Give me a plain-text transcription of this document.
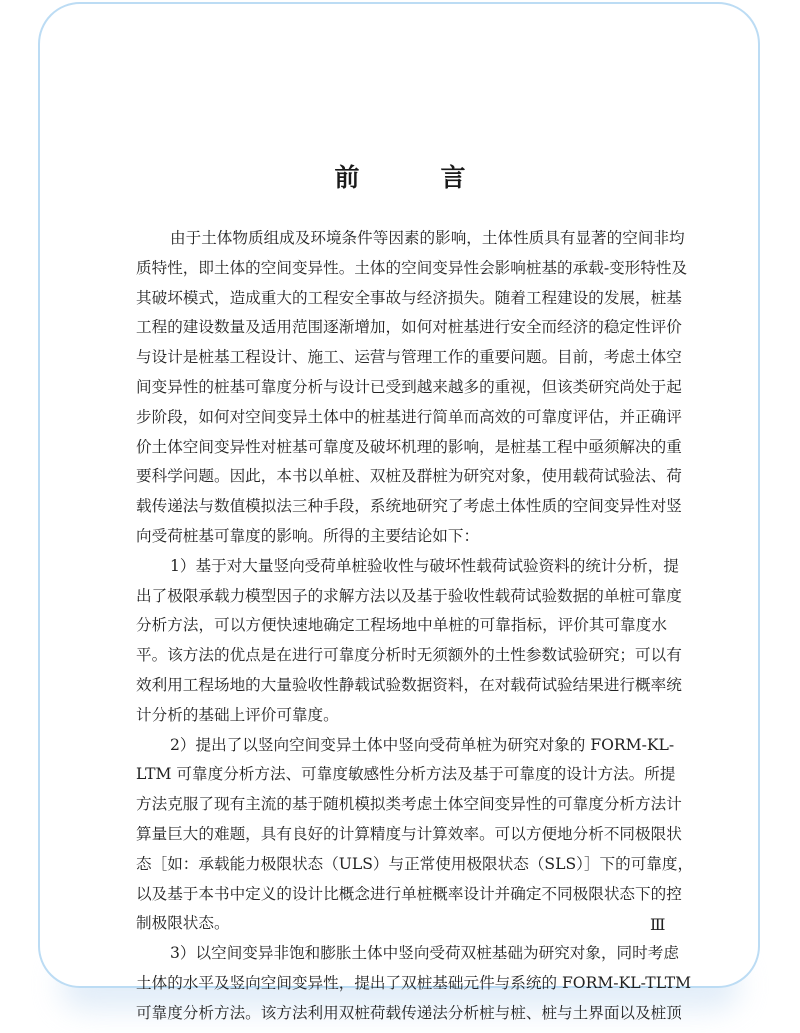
前　言
由于土体物质组成及环境条件等因素的影响，土体性质具有显著的空间非均
质特性，即土体的空间变异性。土体的空间变异性会影响桩基的承载-变形特性及
其破坏模式，造成重大的工程安全事故与经济损失。随着工程建设的发展，桩基
工程的建设数量及适用范围逐渐增加，如何对桩基进行安全而经济的稳定性评价
与设计是桩基工程设计、施工、运营与管理工作的重要问题。目前，考虑土体空
间变异性的桩基可靠度分析与设计已受到越来越多的重视，但该类研究尚处于起
步阶段，如何对空间变异土体中的桩基进行简单而高效的可靠度评估，并正确评
价土体空间变异性对桩基可靠度及破坏机理的影响，是桩基工程中亟须解决的重
要科学问题。因此，本书以单桩、双桩及群桩为研究对象，使用载荷试验法、荷
载传递法与数值模拟法三种手段，系统地研究了考虑土体性质的空间变异性对竖
向受荷桩基可靠度的影响。所得的主要结论如下：
1）基于对大量竖向受荷单桩验收性与破坏性载荷试验资料的统计分析，提
出了极限承载力模型因子的求解方法以及基于验收性载荷试验数据的单桩可靠度
分析方法，可以方便快速地确定工程场地中单桩的可靠指标，评价其可靠度水
平。该方法的优点是在进行可靠度分析时无须额外的土性参数试验研究；可以有
效利用工程场地的大量验收性静载试验数据资料，在对载荷试验结果进行概率统
计分析的基础上评价可靠度。
2）提出了以竖向空间变异土体中竖向受荷单桩为研究对象的 FORM-KL-
LTM 可靠度分析方法、可靠度敏感性分析方法及基于可靠度的设计方法。所提
方法克服了现有主流的基于随机模拟类考虑土体空间变异性的可靠度分析方法计
算量巨大的难题，具有良好的计算精度与计算效率。可以方便地分析不同极限状
态［如：承载能力极限状态（ULS）与正常使用极限状态（SLS）］下的可靠度，
以及基于本书中定义的设计比概念进行单桩概率设计并确定不同极限状态下的控
制极限状态。
3）以空间变异非饱和膨胀土体中竖向受荷双桩基础为研究对象，同时考虑
土体的水平及竖向空间变异性，提出了双桩基础元件与系统的 FORM-KL-TLTM
可靠度分析方法。该方法利用双桩荷载传递法分析桩与桩、桩与土界面以及桩顶
Ⅲ
